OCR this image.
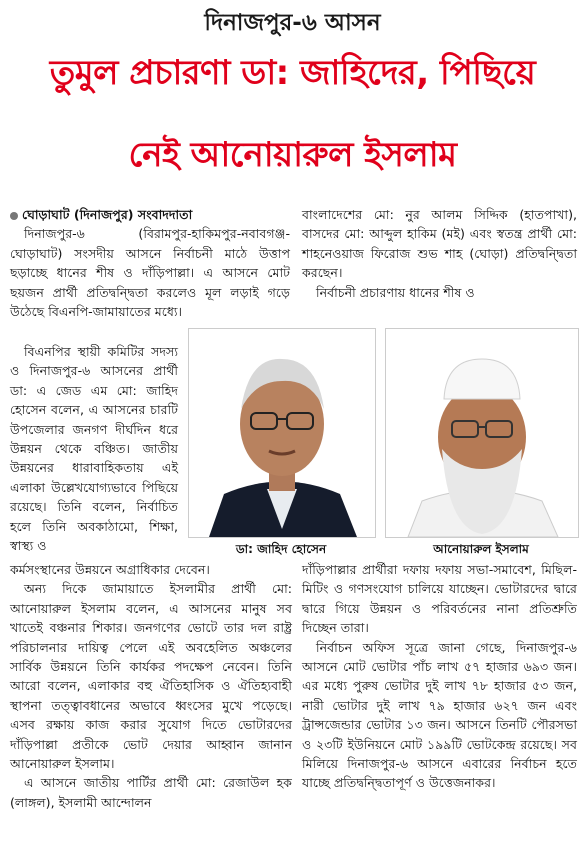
দিনাজপুর-৬ আসন
তুমুল প্রচারণা ডা: জাহিদের, পিছিয়ে
নেই আনোয়ারুল ইসলাম

ঘোড়াঘাট (দিনাজপুর) সংবাদদাতা

দিনাজপুর-৬ (বিরামপুর-হাকিমপুর-নবাবগঞ্জ-ঘোড়াঘাট) সংসদীয় আসনে নির্বাচনী মাঠে উত্তাপ ছড়াচ্ছে ধানের শীষ ও দাঁড়িপাল্লা। এ আসনে মোট ছয়জন প্রার্থী প্রতিদ্বন্দ্বিতা করলেও মূল লড়াই গড়ে উঠেছে বিএনপি-জামায়াতের মধ্যে।

বিএনপির স্থায়ী কমিটির সদস্য ও দিনাজপুর-৬ আসনের প্রার্থী ডা: এ জেড এম মো: জাহিদ হোসেন বলেন, এ আসনের চারটি উপজেলার জনগণ দীর্ঘদিন ধরে উন্নয়ন থেকে বঞ্চিত। জাতীয় উন্নয়নের ধারাবাহিকতায় এই এলাকা উল্লেখযোগ্যভাবে পিছিয়ে রয়েছে। তিনি বলেন, নির্বাচিত হলে তিনি অবকাঠামো, শিক্ষা, স্বাস্থ্য ও

বাংলাদেশের মো: নুর আলম সিদ্দিক (হাতপাখা), বাসদের মো: আব্দুল হাকিম (মই) এবং স্বতন্ত্র প্রার্থী মো: শাহনেওয়াজ ফিরোজ শুভ শাহ (ঘোড়া) প্রতিদ্বন্দ্বিতা করছেন।

নির্বাচনী প্রচারণায় ধানের শীষ ও

ডা: জাহিদ হোসেন	আনোয়ারুল ইসলাম

কর্মসংস্থানের উন্নয়নে অগ্রাধিকার দেবেন।

অন্য দিকে জামায়াতে ইসলামীর প্রার্থী মো: আনোয়ারুল ইসলাম বলেন, এ আসনের মানুষ সব খাতেই বঞ্চনার শিকার। জনগণের ভোটে তার দল রাষ্ট্র পরিচালনার দায়িত্ব পেলে এই অবহেলিত অঞ্চলের সার্বিক উন্নয়নে তিনি কার্যকর পদক্ষেপ নেবেন। তিনি আরো বলেন, এলাকার বহু ঐতিহাসিক ও ঐতিহ্যবাহী স্থাপনা তত্ত্বাবধানের অভাবে ধ্বংসের মুখে পড়েছে। এসব রক্ষায় কাজ করার সুযোগ দিতে ভোটারদের দাঁড়িপাল্লা প্রতীকে ভোট দেয়ার আহ্বান জানান আনোয়ারুল ইসলাম।

এ আসনে জাতীয় পার্টির প্রার্থী মো: রেজাউল হক (লাঙ্গল), ইসলামী আন্দোলন

দাঁড়িপাল্লার প্রার্থীরা দফায় দফায় সভা-সমাবেশ, মিছিল-মিটিং ও গণসংযোগ চালিয়ে যাচ্ছেন। ভোটারদের দ্বারে দ্বারে গিয়ে উন্নয়ন ও পরিবর্তনের নানা প্রতিশ্রুতি দিচ্ছেন তারা।

নির্বাচন অফিস সূত্রে জানা গেছে, দিনাজপুর-৬ আসনে মোট ভোটার পাঁচ লাখ ৫৭ হাজার ৬৯৩ জন। এর মধ্যে পুরুষ ভোটার দুই লাখ ৭৮ হাজার ৫৩ জন, নারী ভোটার দুই লাখ ৭৯ হাজার ৬২৭ জন এবং ট্রান্সজেন্ডার ভোটার ১৩ জন। আসনে তিনটি পৌরসভা ও ২৩টি ইউনিয়নে মোট ১৯৯টি ভোটকেন্দ্র রয়েছে। সব মিলিয়ে দিনাজপুর-৬ আসনে এবারের নির্বাচন হতে যাচ্ছে প্রতিদ্বন্দ্বিতাপূর্ণ ও উত্তেজনাকর।
